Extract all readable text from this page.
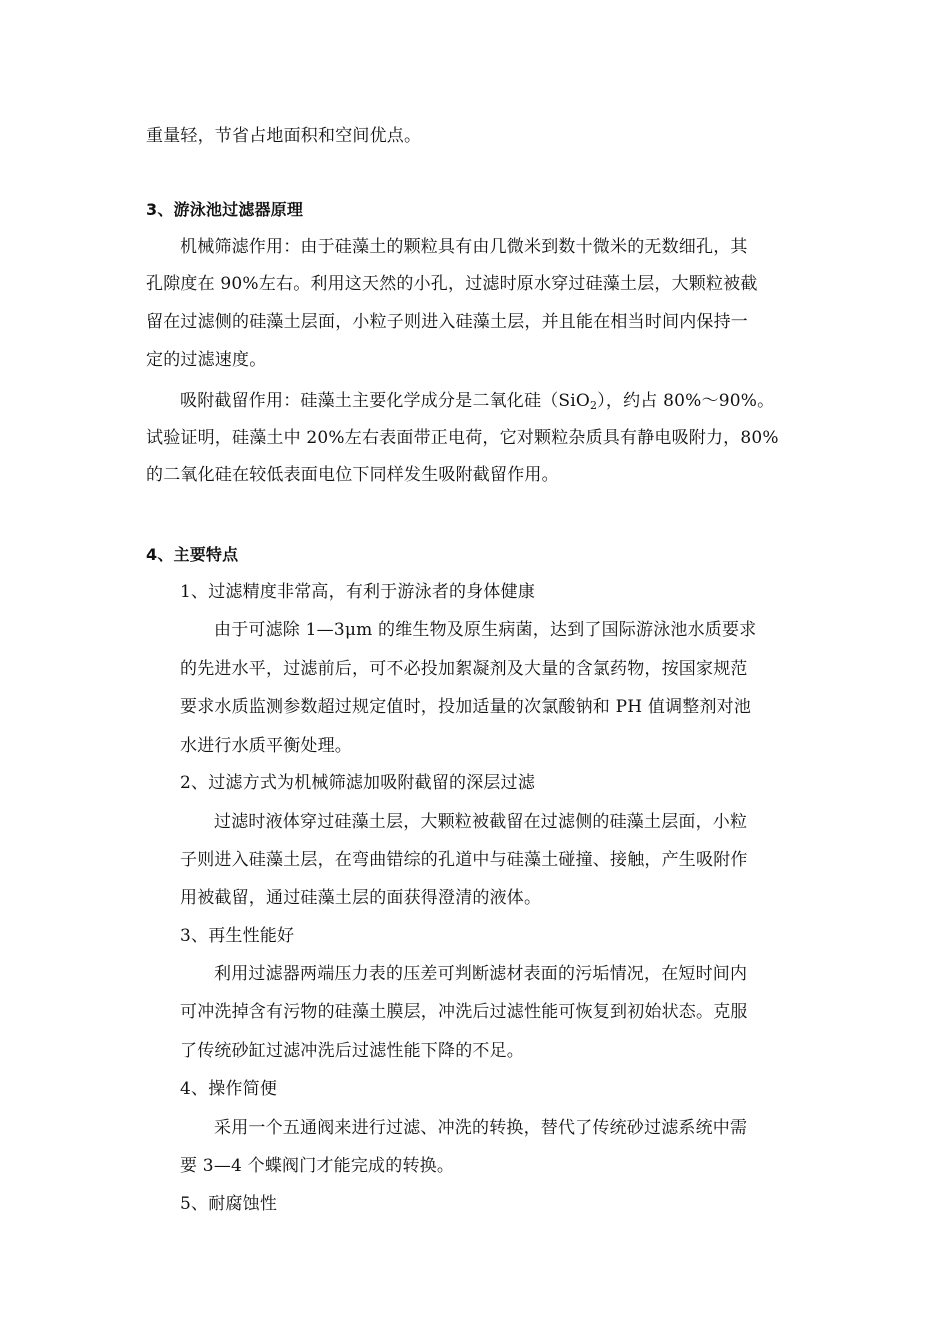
重量轻，节省占地面积和空间优点。
3、游泳池过滤器原理
机械筛滤作用：由于硅藻土的颗粒具有由几微米到数十微米的无数细孔，其
孔隙度在 90%左右。利用这天然的小孔，过滤时原水穿过硅藻土层，大颗粒被截
留在过滤侧的硅藻土层面，小粒子则进入硅藻土层，并且能在相当时间内保持一
定的过滤速度。
吸附截留作用：硅藻土主要化学成分是二氧化硅（SiO$_2$），约占 80%～90%。
试验证明，硅藻土中 20%左右表面带正电荷，它对颗粒杂质具有静电吸附力，80%
的二氧化硅在较低表面电位下同样发生吸附截留作用。
4、主要特点
1、过滤精度非常高，有利于游泳者的身体健康
由于可滤除 1—3μm 的维生物及原生病菌，达到了国际游泳池水质要求
的先进水平，过滤前后，可不必投加絮凝剂及大量的含氯药物，按国家规范
要求水质监测参数超过规定值时，投加适量的次氯酸钠和 PH 值调整剂对池
水进行水质平衡处理。
2、过滤方式为机械筛滤加吸附截留的深层过滤
过滤时液体穿过硅藻土层，大颗粒被截留在过滤侧的硅藻土层面，小粒
子则进入硅藻土层，在弯曲错综的孔道中与硅藻土碰撞、接触，产生吸附作
用被截留，通过硅藻土层的面获得澄清的液体。
3、再生性能好
利用过滤器两端压力表的压差可判断滤材表面的污垢情况，在短时间内
可冲洗掉含有污物的硅藻土膜层，冲洗后过滤性能可恢复到初始状态。克服
了传统砂缸过滤冲洗后过滤性能下降的不足。
4、操作简便
采用一个五通阀来进行过滤、冲洗的转换，替代了传统砂过滤系统中需
要 3—4 个蝶阀门才能完成的转换。
5、耐腐蚀性
